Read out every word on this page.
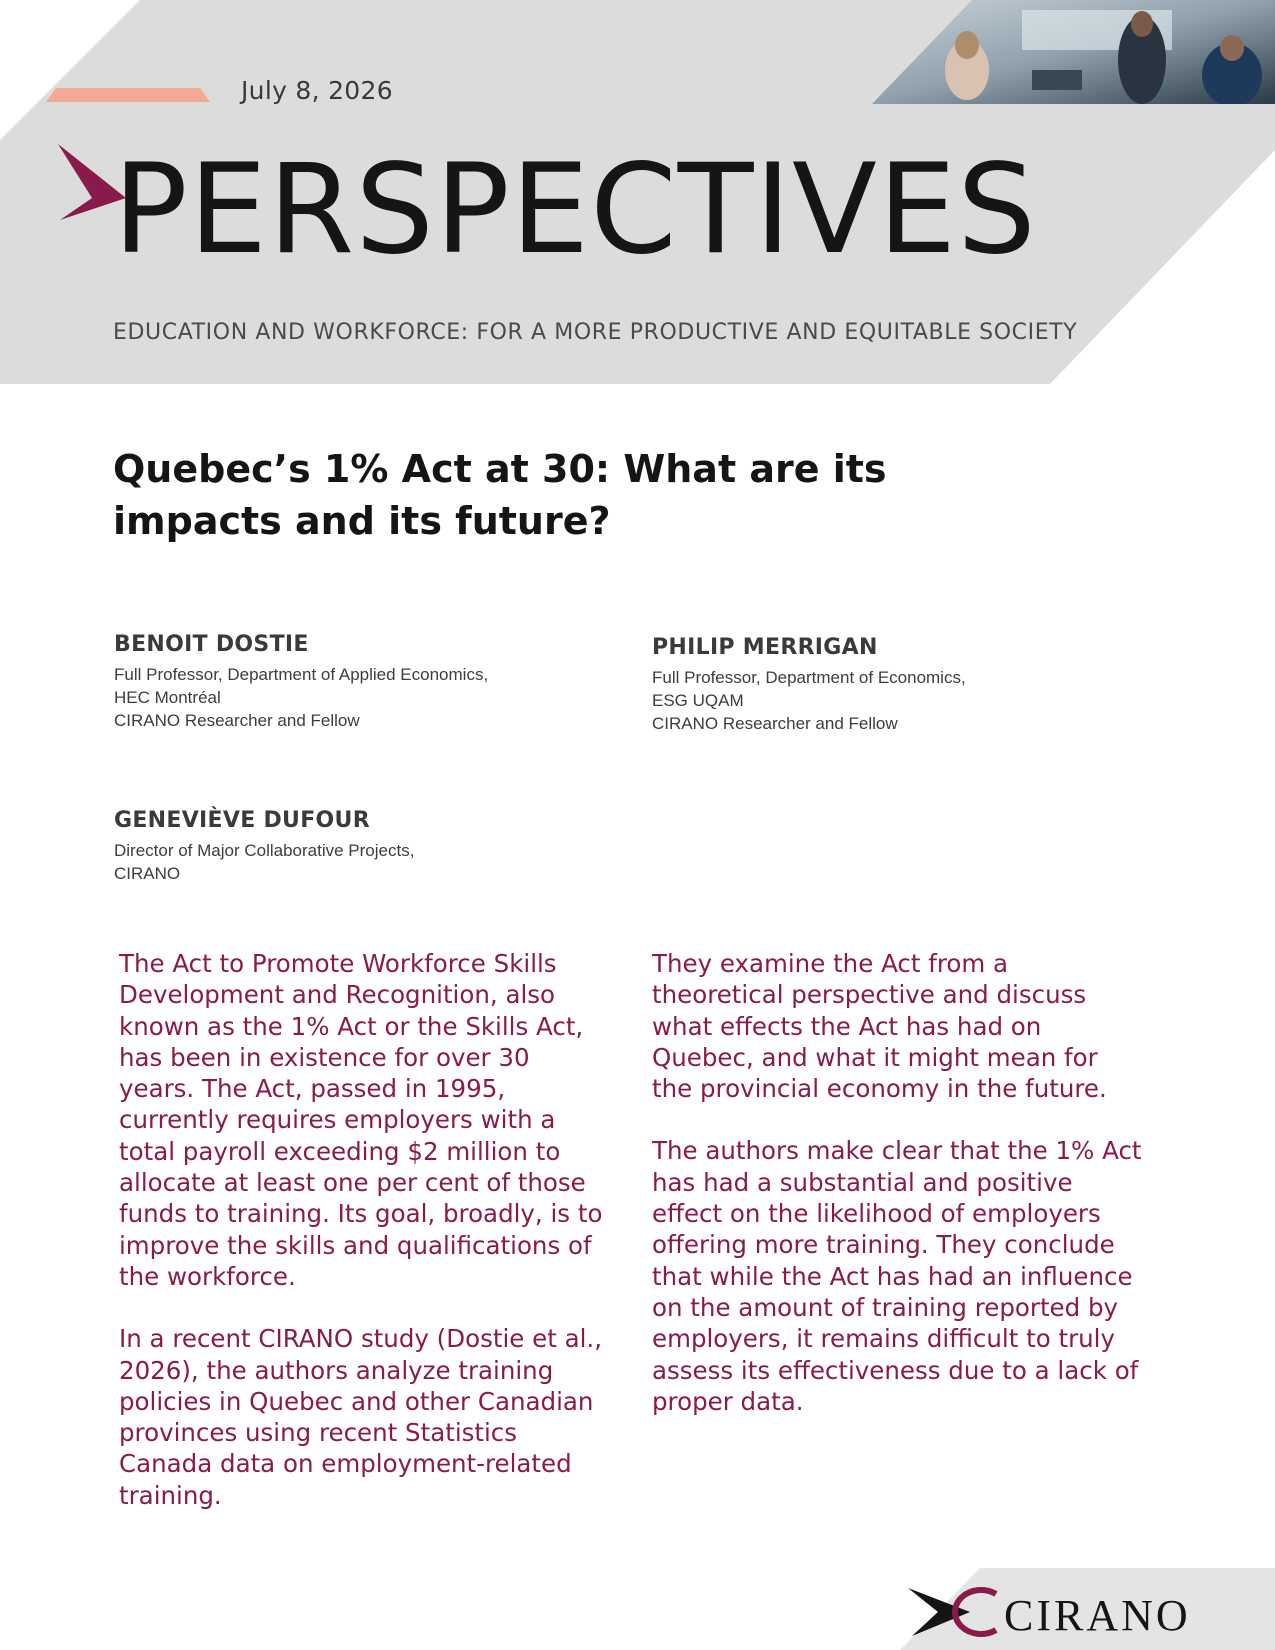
July 8, 2026
PERSPECTIVES
EDUCATION AND WORKFORCE: FOR A MORE PRODUCTIVE AND EQUITABLE SOCIETY
Quebec’s 1% Act at 30: What are its impacts and its future?
BENOIT DOSTIE
Full Professor, Department of Applied Economics,
HEC Montréal
CIRANO Researcher and Fellow
PHILIP MERRIGAN
Full Professor, Department of Economics,
ESG UQAM
CIRANO Researcher and Fellow
GENEVIÈVE DUFOUR
Director of Major Collaborative Projects,
CIRANO

The Act to Promote Workforce Skills Development and Recognition, also known as the 1% Act or the Skills Act, has been in existence for over 30 years. The Act, passed in 1995, currently requires employers with a total payroll exceeding $2 million to allocate at least one per cent of those funds to training. Its goal, broadly, is to improve the skills and qualifications of the workforce.

In a recent CIRANO study (Dostie et al., 2026), the authors analyze training policies in Quebec and other Canadian provinces using recent Statistics Canada data on employment-related training.

They examine the Act from a theoretical perspective and discuss what effects the Act has had on Quebec, and what it might mean for the provincial economy in the future.

The authors make clear that the 1% Act has had a substantial and positive effect on the likelihood of employers offering more training. They conclude that while the Act has had an influence on the amount of training reported by employers, it remains difficult to truly assess its effectiveness due to a lack of proper data.

CIRANO
